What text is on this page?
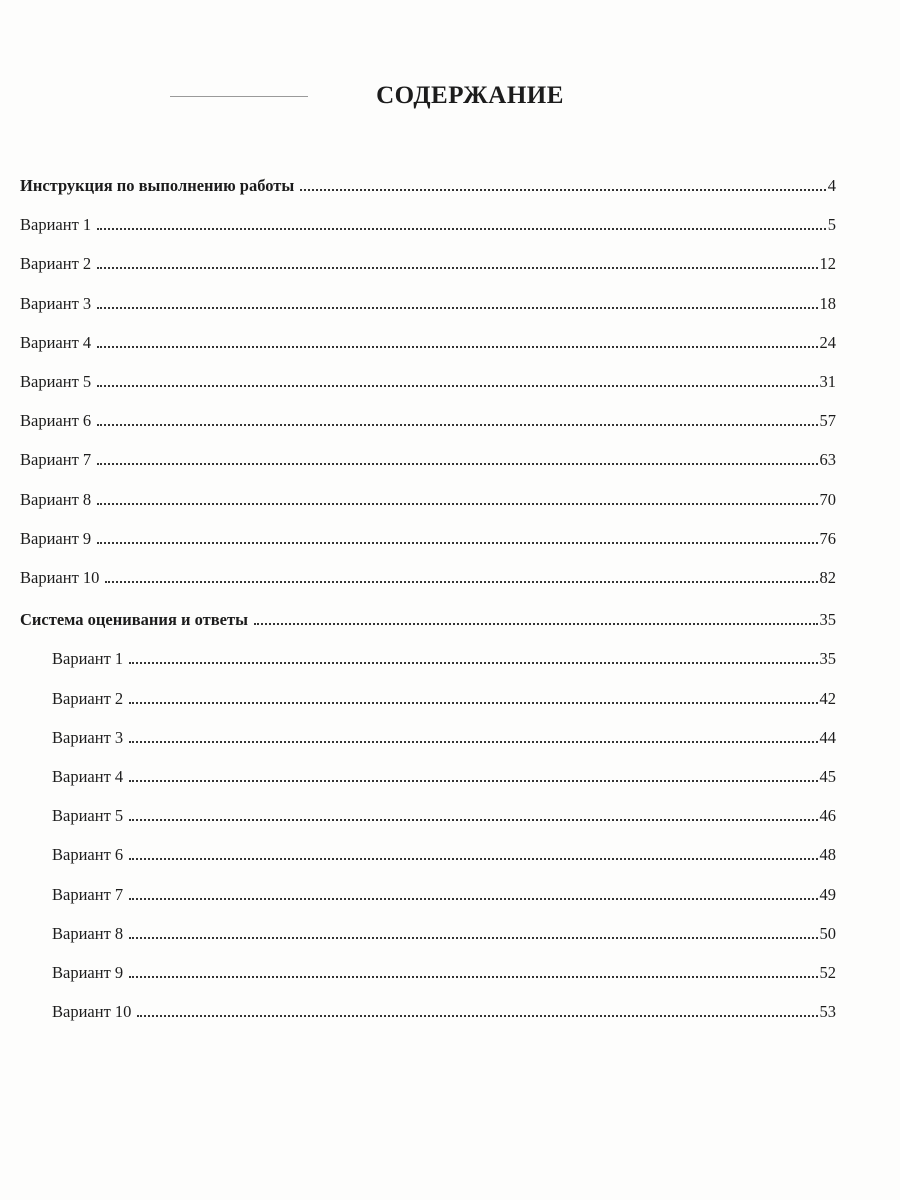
СОДЕРЖАНИЕ
Инструкция по выполнению работы	4
Вариант 1	5
Вариант 2	12
Вариант 3	18
Вариант 4	24
Вариант 5	31
Вариант 6	57
Вариант 7	63
Вариант 8	70
Вариант 9	76
Вариант 10	82
Система оценивания и ответы	35
Вариант 1	35
Вариант 2	42
Вариант 3	44
Вариант 4	45
Вариант 5	46
Вариант 6	48
Вариант 7	49
Вариант 8	50
Вариант 9	52
Вариант 10	53
